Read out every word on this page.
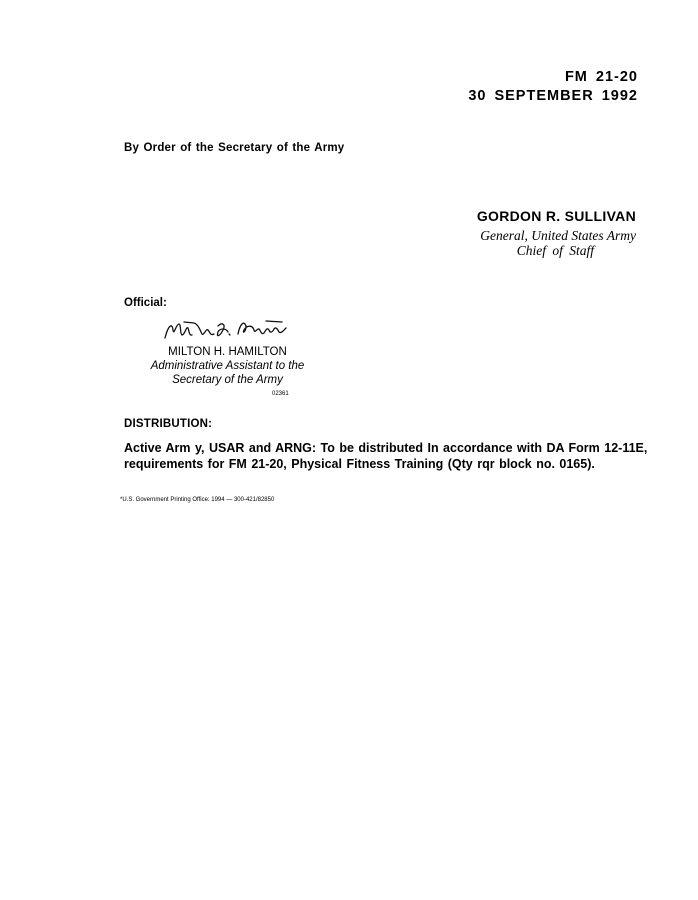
FM 21-20
30 SEPTEMBER 1992
By Order of the Secretary of the Army
GORDON R. SULLIVAN
General, United States Army
Chief of Staff
Official:
MILTON H. HAMILTON
Administrative Assistant to the
Secretary of the Army
02361
DISTRIBUTION:
Active Arm y, USAR and ARNG: To be distributed In accordance with DA Form 12-11E,
requirements for FM 21-20, Physical Fitness Training (Qty rqr block no. 0165).
*U.S. Government Printing Office: 1994 — 300-421/82850
